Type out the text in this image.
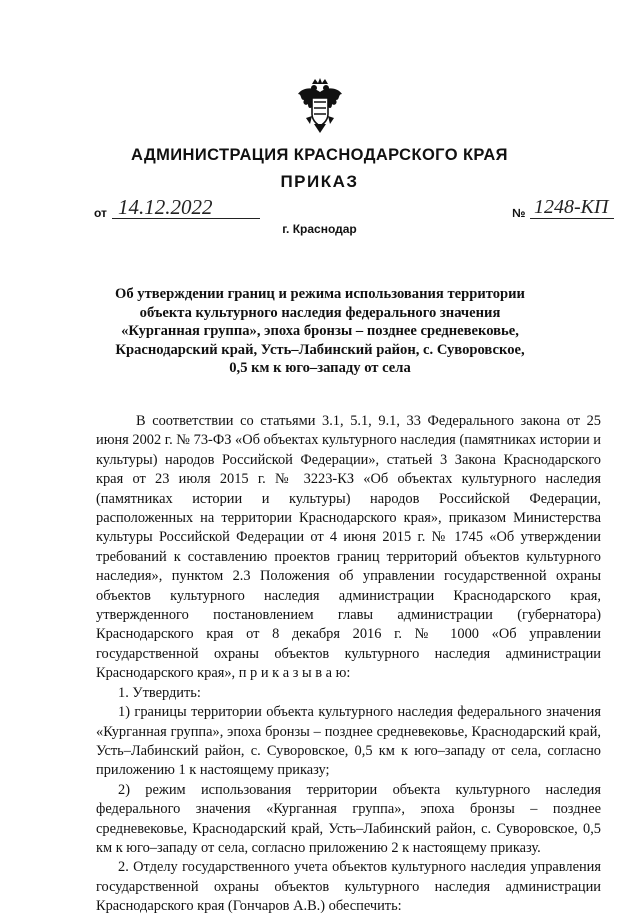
АДМИНИСТРАЦИЯ КРАСНОДАРСКОГО КРАЯ
ПРИКАЗ
от 14.12.2022	№ 1248-КП
г. Краснодар
Об утверждении границ и режима использования территории
объекта культурного наследия федерального значения
«Курганная группа», эпоха бронзы – позднее средневековье,
Краснодарский край, Усть–Лабинский район, с. Суворовское,
0,5 км к юго–западу от села

В соответствии со статьями 3.1, 5.1, 9.1, 33 Федерального закона от 25 июня 2002 г. № 73-ФЗ «Об объектах культурного наследия (памятниках истории и культуры) народов Российской Федерации», статьей 3 Закона Краснодарского края от 23 июля 2015 г. № 3223-КЗ «Об объектах культурного наследия (памятниках истории и культуры) народов Российской Федерации, расположенных на территории Краснодарского края», приказом Министерства культуры Российской Федерации от 4 июня 2015 г. № 1745 «Об утверждении требований к составлению проектов границ территорий объектов культурного наследия», пунктом 2.3 Положения об управлении государственной охраны объектов культурного наследия администрации Краснодарского края, утвержденного постановлением главы администрации (губернатора) Краснодарского края от 8 декабря 2016 г. № 1000 «Об управлении государственной охраны объектов культурного наследия администрации Краснодарского края», п р и к а з ы в а ю:

1. Утвердить:

1) границы территории объекта культурного наследия федерального значения «Курганная группа», эпоха бронзы – позднее средневековье, Краснодарский край, Усть–Лабинский район, с. Суворовское, 0,5 км к юго–западу от села, согласно приложению 1 к настоящему приказу;

2) режим использования территории объекта культурного наследия федерального значения «Курганная группа», эпоха бронзы – позднее средневековье, Краснодарский край, Усть–Лабинский район, с. Суворовское, 0,5 км к юго–западу от села, согласно приложению 2 к настоящему приказу.

2. Отделу государственного учета объектов культурного наследия управления государственной охраны объектов культурного наследия администрации Краснодарского края (Гончаров А.В.) обеспечить:
